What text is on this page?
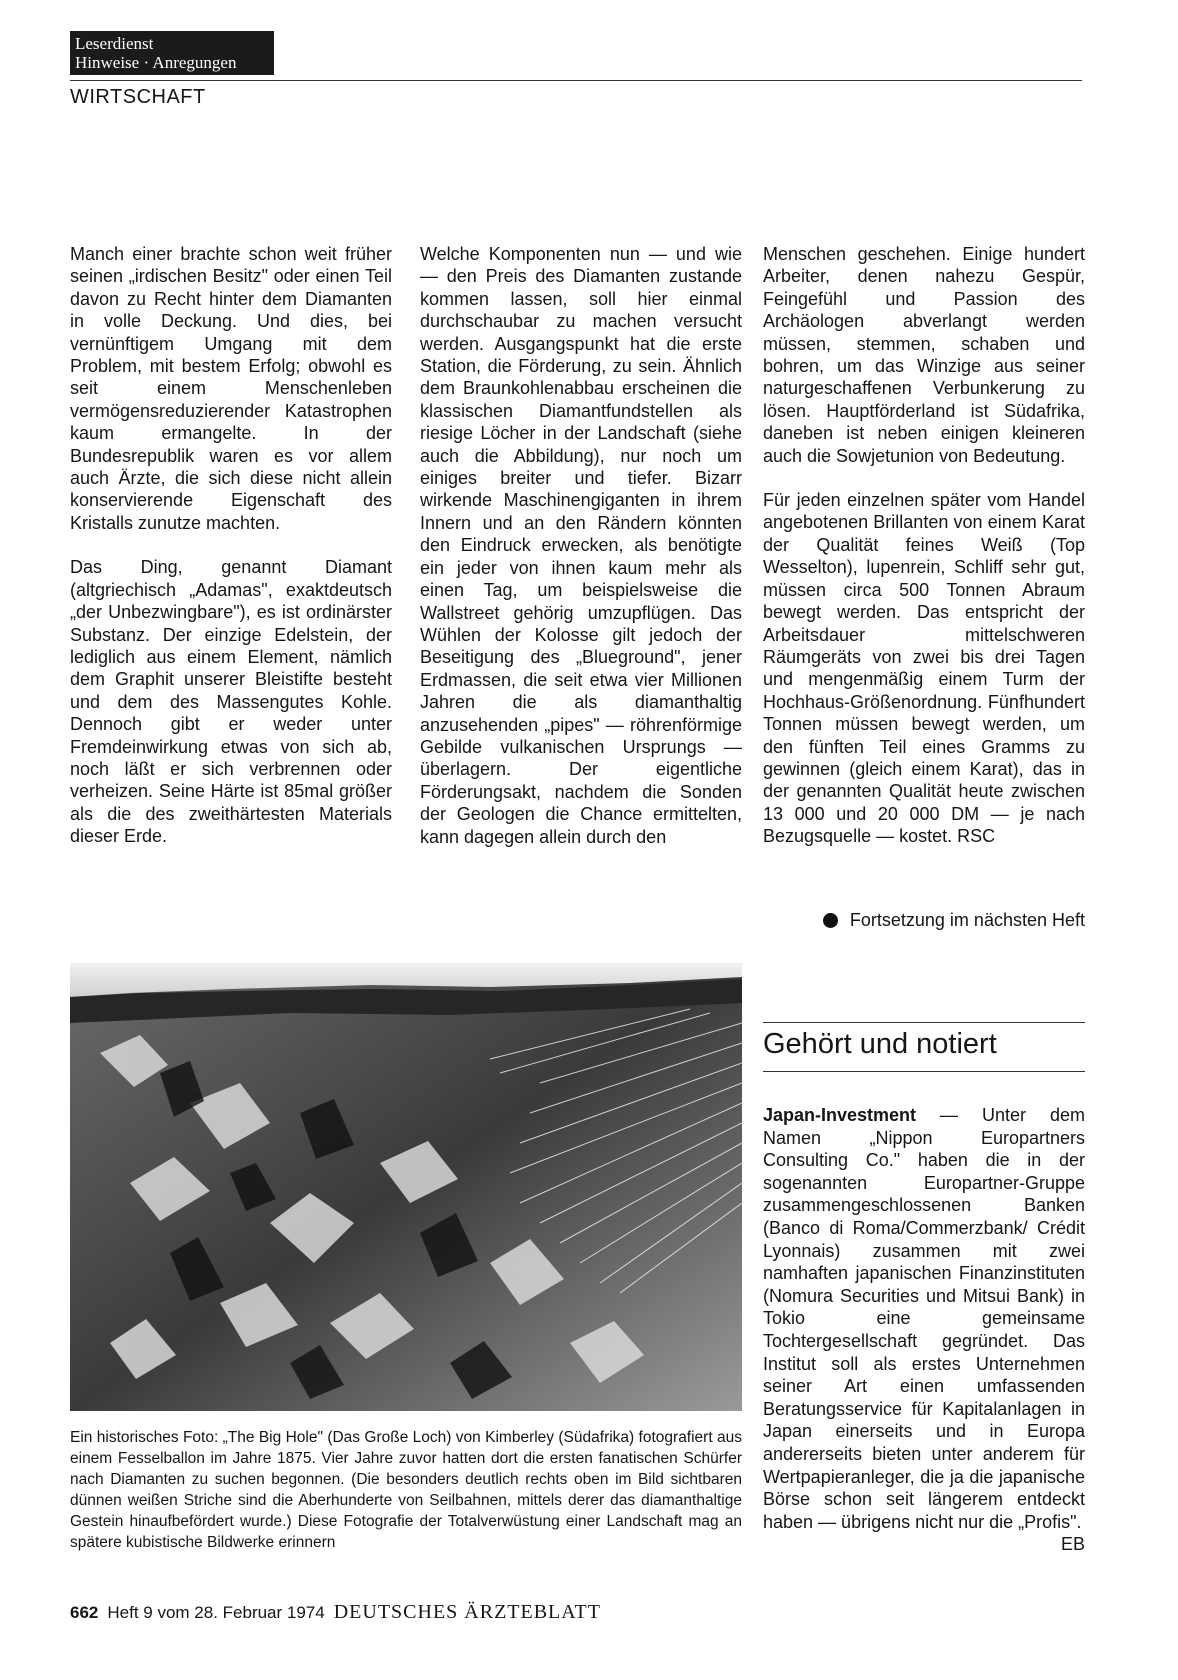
Leserdienst
Hinweise · Anregungen
WIRTSCHAFT

Manch einer brachte schon weit früher seinen „irdischen Besitz" oder einen Teil davon zu Recht hinter dem Diamanten in volle Deckung. Und dies, bei vernünftigem Umgang mit dem Problem, mit bestem Erfolg; obwohl es seit einem Menschenleben vermögensreduzierender Katastrophen kaum ermangelte. In der Bundesrepublik waren es vor allem auch Ärzte, die sich diese nicht allein konservierende Eigenschaft des Kristalls zunutze machten.

Das Ding, genannt Diamant (altgriechisch „Adamas", exaktdeutsch „der Unbezwingbare"), es ist ordinärster Substanz. Der einzige Edelstein, der lediglich aus einem Element, nämlich dem Graphit unserer Bleistifte besteht und dem des Massengutes Kohle. Dennoch gibt er weder unter Fremdeinwirkung etwas von sich ab, noch läßt er sich verbrennen oder verheizen. Seine Härte ist 85mal größer als die des zweithärtesten Materials dieser Erde.

Welche Komponenten nun — und wie — den Preis des Diamanten zustande kommen lassen, soll hier einmal durchschaubar zu machen versucht werden. Ausgangspunkt hat die erste Station, die Förderung, zu sein. Ähnlich dem Braunkohlenabbau erscheinen die klassischen Diamantfundstellen als riesige Löcher in der Landschaft (siehe auch die Abbildung), nur noch um einiges breiter und tiefer. Bizarr wirkende Maschinengiganten in ihrem Innern und an den Rändern könnten den Eindruck erwecken, als benötigte ein jeder von ihnen kaum mehr als einen Tag, um beispielsweise die Wallstreet gehörig umzupflügen. Das Wühlen der Kolosse gilt jedoch der Beseitigung des „Blueground", jener Erdmassen, die seit etwa vier Millionen Jahren die als diamanthaltig anzusehenden „pipes" — röhrenförmige Gebilde vulkanischen Ursprungs — überlagern. Der eigentliche Förderungsakt, nachdem die Sonden der Geologen die Chance ermittelten, kann dagegen allein durch den

Menschen geschehen. Einige hundert Arbeiter, denen nahezu Gespür, Feingefühl und Passion des Archäologen abverlangt werden müssen, stemmen, schaben und bohren, um das Winzige aus seiner naturgeschaffenen Verbunkerung zu lösen. Hauptförderland ist Südafrika, daneben ist neben einigen kleineren auch die Sowjetunion von Bedeutung.

Für jeden einzelnen später vom Handel angebotenen Brillanten von einem Karat der Qualität feines Weiß (Top Wesselton), lupenrein, Schliff sehr gut, müssen circa 500 Tonnen Abraum bewegt werden. Das entspricht der Arbeitsdauer mittelschweren Räumgeräts von zwei bis drei Tagen und mengenmäßig einem Turm der Hochhaus-Größenordnung. Fünfhundert Tonnen müssen bewegt werden, um den fünften Teil eines Gramms zu gewinnen (gleich einem Karat), das in der genannten Qualität heute zwischen 13 000 und 20 000 DM — je nach Bezugsquelle — kostet. RSC

Fortsetzung im nächsten Heft
Ein historisches Foto: „The Big Hole" (Das Große Loch) von Kimberley (Südafrika) fotografiert aus einem Fesselballon im Jahre 1875. Vier Jahre zuvor hatten dort die ersten fanatischen Schürfer nach Diamanten zu suchen begonnen. (Die besonders deutlich rechts oben im Bild sichtbaren dünnen weißen Striche sind die Aberhunderte von Seilbahnen, mittels derer das diamanthaltige Gestein hinaufbefördert wurde.) Diese Fotografie der Totalverwüstung einer Landschaft mag an spätere kubistische Bildwerke erinnern
Gehört und notiert
Japan-Investment — Unter dem Namen „Nippon Europartners Consulting Co." haben die in der sogenannten Europartner-Gruppe zusammengeschlossenen Banken (Banco di Roma/Commerzbank/ Crédit Lyonnais) zusammen mit zwei namhaften japanischen Finanzinstituten (Nomura Securities und Mitsui Bank) in Tokio eine gemeinsame Tochtergesellschaft gegründet. Das Institut soll als erstes Unternehmen seiner Art einen umfassenden Beratungsservice für Kapitalanlagen in Japan einerseits und in Europa andererseits bieten unter anderem für Wertpapieranleger, die ja die japanische Börse schon seit längerem entdeckt haben — übrigens nicht nur die „Profis".
EB
662 Heft 9 vom 28. Februar 1974 DEUTSCHES ÄRZTEBLATT
